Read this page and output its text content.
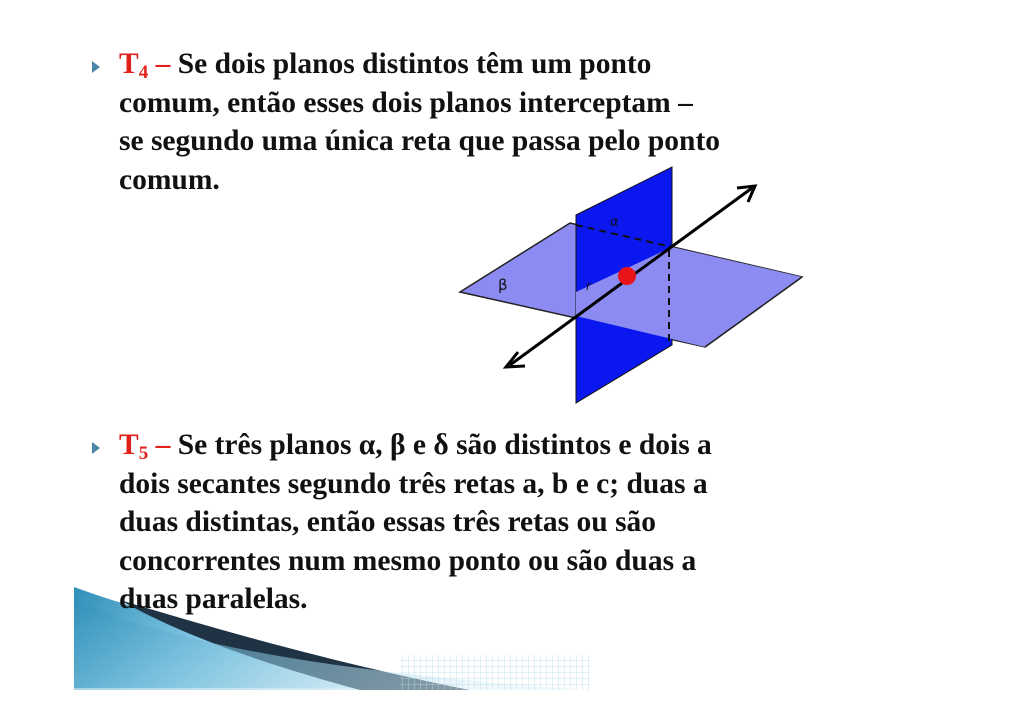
$T_4$ – Se dois planos distintos têm um ponto
comum, então esses dois planos interceptam –
se segundo uma única reta que passa pelo ponto
comum.
α
β	r
$T_5$ – Se três planos α, β e δ são distintos e dois a
dois secantes segundo três retas a, b e c; duas a
duas distintas, então essas três retas ou são
concorrentes num mesmo ponto ou são duas a
duas paralelas.
